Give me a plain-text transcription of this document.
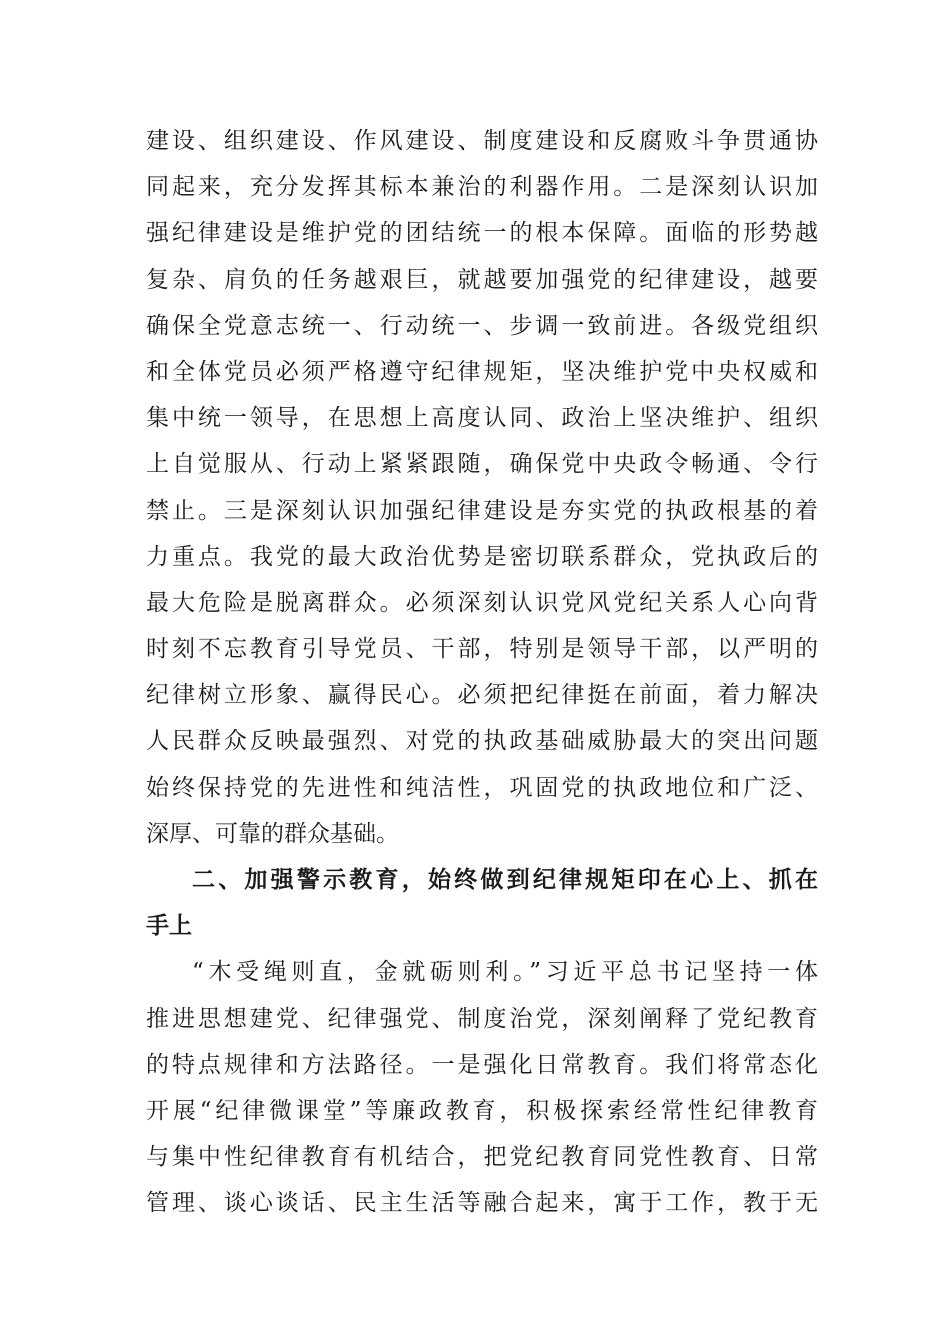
建设、组织建设、作风建设、制度建设和反腐败斗争贯通协
同起来，充分发挥其标本兼治的利器作用。二是深刻认识加
强纪律建设是维护党的团结统一的根本保障。面临的形势越
复杂、肩负的任务越艰巨，就越要加强党的纪律建设，越要
确保全党意志统一、行动统一、步调一致前进。各级党组织
和全体党员必须严格遵守纪律规矩，坚决维护党中央权威和
集中统一领导，在思想上高度认同、政治上坚决维护、组织
上自觉服从、行动上紧紧跟随，确保党中央政令畅通、令行
禁止。三是深刻认识加强纪律建设是夯实党的执政根基的着
力重点。我党的最大政治优势是密切联系群众，党执政后的
最大危险是脱离群众。必须深刻认识党风党纪关系人心向背
时刻不忘教育引导党员、干部，特别是领导干部，以严明的
纪律树立形象、赢得民心。必须把纪律挺在前面，着力解决
人民群众反映最强烈、对党的执政基础威胁最大的突出问题
始终保持党的先进性和纯洁性，巩固党的执政地位和广泛、
深厚、可靠的群众基础。
二、加强警示教育，始终做到纪律规矩印在心上、抓在
手上
“木受绳则直，金就砺则利。”习近平总书记坚持一体
推进思想建党、纪律强党、制度治党，深刻阐释了党纪教育
的特点规律和方法路径。一是强化日常教育。我们将常态化
开展“纪律微课堂”等廉政教育，积极探索经常性纪律教育
与集中性纪律教育有机结合，把党纪教育同党性教育、日常
管理、谈心谈话、民主生活等融合起来，寓于工作，教于无
